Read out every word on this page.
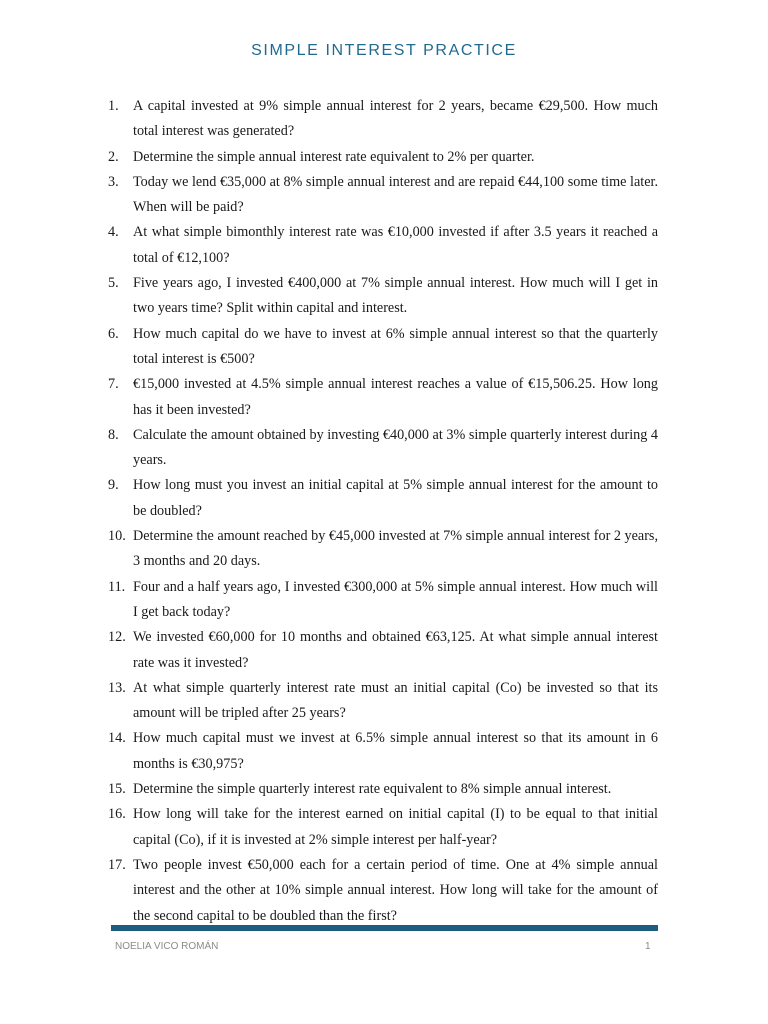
SIMPLE INTEREST PRACTICE
1. A capital invested at 9% simple annual interest for 2 years, became €29,500. How much total interest was generated?
2. Determine the simple annual interest rate equivalent to 2% per quarter.
3. Today we lend €35,000 at 8% simple annual interest and are repaid €44,100 some time later. When will be paid?
4. At what simple bimonthly interest rate was €10,000 invested if after 3.5 years it reached a total of €12,100?
5. Five years ago, I invested €400,000 at 7% simple annual interest. How much will I get in two years time? Split within capital and interest.
6. How much capital do we have to invest at 6% simple annual interest so that the quarterly total interest is €500?
7. €15,000 invested at 4.5% simple annual interest reaches a value of €15,506.25. How long has it been invested?
8. Calculate the amount obtained by investing €40,000 at 3% simple quarterly interest during 4 years.
9. How long must you invest an initial capital at 5% simple annual interest for the amount to be doubled?
10. Determine the amount reached by €45,000 invested at 7% simple annual interest for 2 years, 3 months and 20 days.
11. Four and a half years ago, I invested €300,000 at 5% simple annual interest. How much will I get back today?
12. We invested €60,000 for 10 months and obtained €63,125. At what simple annual interest rate was it invested?
13. At what simple quarterly interest rate must an initial capital (Co) be invested so that its amount will be tripled after 25 years?
14. How much capital must we invest at 6.5% simple annual interest so that its amount in 6 months is €30,975?
15. Determine the simple quarterly interest rate equivalent to 8% simple annual interest.
16. How long will take for the interest earned on initial capital (I) to be equal to that initial capital (Co), if it is invested at 2% simple interest per half-year?
17. Two people invest €50,000 each for a certain period of time. One at 4% simple annual interest and the other at 10% simple annual interest. How long will take for the amount of the second capital to be doubled than the first?
NOELIA VICO ROMÁN	1
